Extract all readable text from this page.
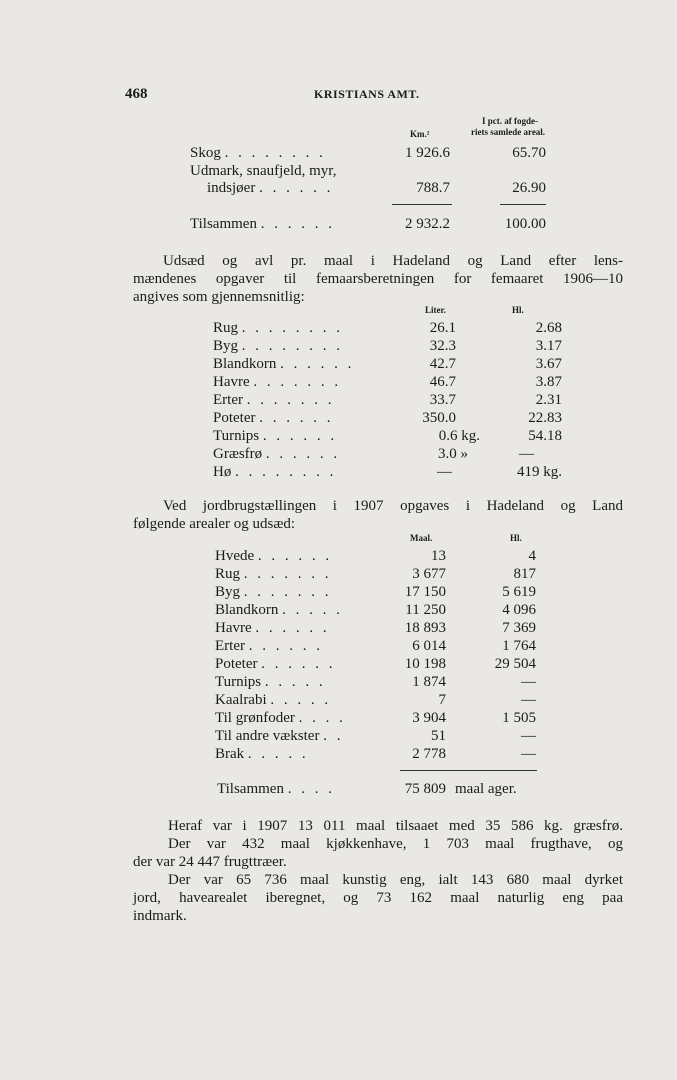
468	KRISTIANS AMT.
Km.²
I pct. af fogde-
riets samlede areal.
Skog . . . . . . . .	1 926.6	65.70
Udmark, snaufjeld, myr,
indsjøer . . . . . .	788.7	26.90
Tilsammen . . . . . .	2 932.2	100.00
Udsæd og avl pr. maal i Hadeland og Land efter lens-
mændenes opgaver til femaarsberetningen for femaaret 1906—10
angives som gjennemsnitlig:
Liter.	Hl.
Rug . . . . . . . .	26.1	2.68
Byg . . . . . . . .	32.3	3.17
Blandkorn . . . . . .	42.7	3.67
Havre . . . . . . .	46.7	3.87
Erter . . . . . . .	33.7	2.31
Poteter . . . . . .	350.0	22.83
Turnips . . . . . .	0.6 kg.	54.18
Græsfrø . . . . . .	3.0 »	—
Hø . . . . . . . .	—	419 kg.
Ved jordbrugstællingen i 1907 opgaves i Hadeland og Land
følgende arealer og udsæd:
Maal.	Hl.
Hvede . . . . . .	13	4
Rug . . . . . . .	3 677	817
Byg . . . . . . .	17 150	5 619
Blandkorn . . . . .	11 250	4 096
Havre . . . . . .	18 893	7 369
Erter . . . . . .	6 014	1 764
Poteter . . . . . .	10 198	29 504
Turnips . . . . .	1 874	—
Kaalrabi . . . . .	7	—
Til grønfoder . . . .	3 904	1 505
Til andre vækster . .	51	—
Brak . . . . .	2 778	—
Tilsammen . . . .	75 809 maal ager.
Heraf var i 1907 13 011 maal tilsaaet med 35 586 kg. græsfrø.
Der var 432 maal kjøkkenhave, 1 703 maal frugthave, og
der var 24 447 frugttræer.
Der var 65 736 maal kunstig eng, ialt 143 680 maal dyrket
jord, havearealet iberegnet, og 73 162 maal naturlig eng paa
indmark.
